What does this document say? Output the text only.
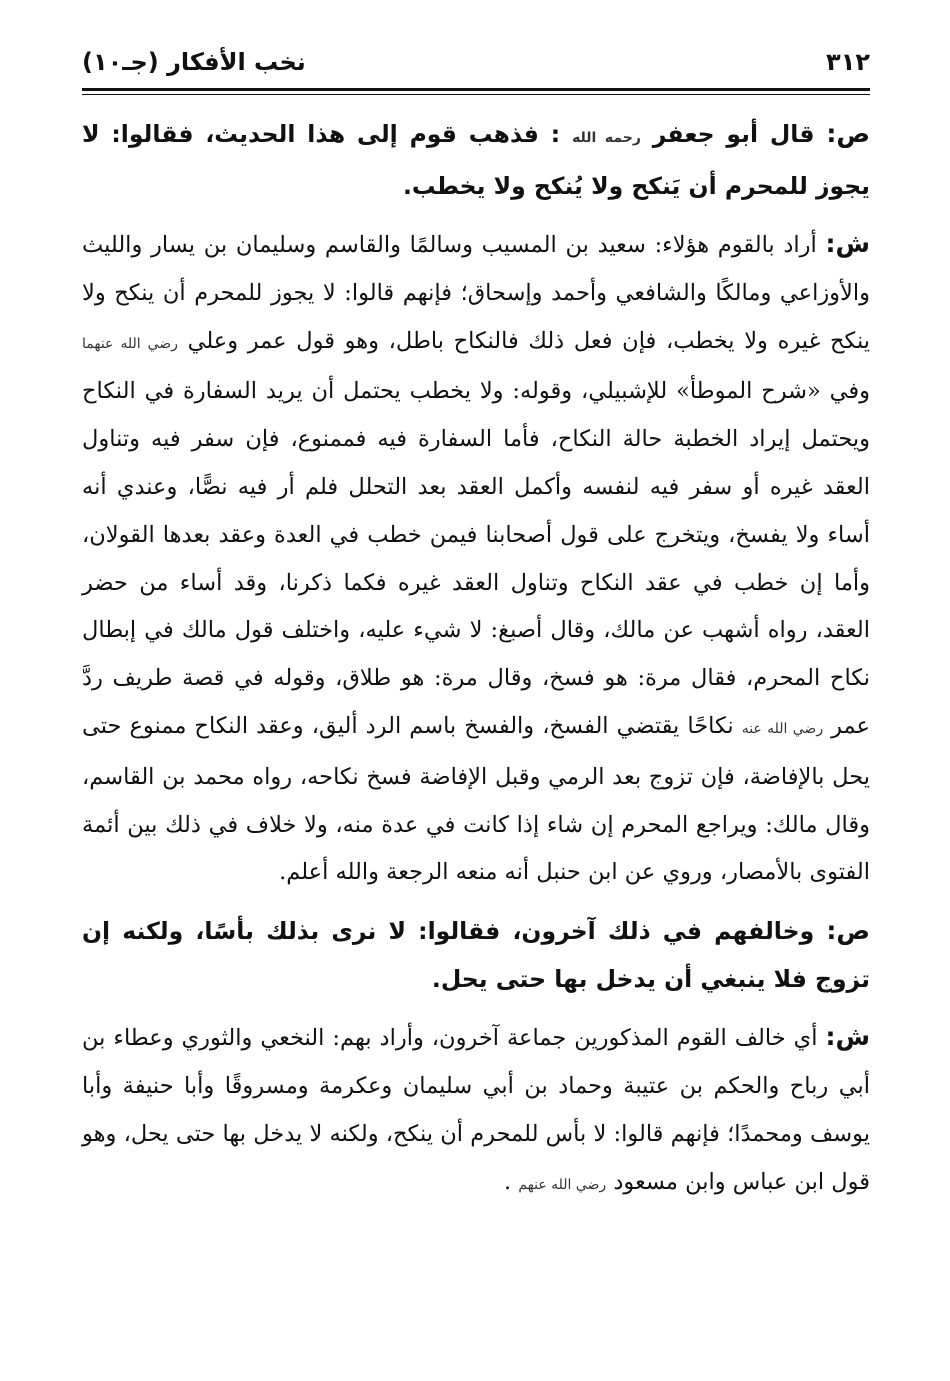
٣١٢
نخب الأفكار (جـ١٠)

ص: قال أبو جعفر رحمه الله : فذهب قوم إلى هذا الحديث، فقالوا: لا يجوز للمحرم أن يَنكح ولا يُنكح ولا يخطب.

ش: أراد بالقوم هؤلاء: سعيد بن المسيب وسالمًا والقاسم وسليمان بن يسار والليث والأوزاعي ومالكًا والشافعي وأحمد وإسحاق؛ فإنهم قالوا: لا يجوز للمحرم أن ينكح ولا ينكح غيره ولا يخطب، فإن فعل ذلك فالنكاح باطل، وهو قول عمر وعلي رضي الله عنهما وفي «شرح الموطأ» للإشبيلي، وقوله: ولا يخطب يحتمل أن يريد السفارة في النكاح ويحتمل إيراد الخطبة حالة النكاح، فأما السفارة فيه فممنوع، فإن سفر فيه وتناول العقد غيره أو سفر فيه لنفسه وأكمل العقد بعد التحلل فلم أر فيه نصًّا، وعندي أنه أساء ولا يفسخ، ويتخرج على قول أصحابنا فيمن خطب في العدة وعقد بعدها القولان، وأما إن خطب في عقد النكاح وتناول العقد غيره فكما ذكرنا، وقد أساء من حضر العقد، رواه أشهب عن مالك، وقال أصبغ: لا شيء عليه، واختلف قول مالك في إبطال نكاح المحرم، فقال مرة: هو فسخ، وقال مرة: هو طلاق، وقوله في قصة طريف ردَّ عمر رضي الله عنه نكاحًا يقتضي الفسخ، والفسخ باسم الرد أليق، وعقد النكاح ممنوع حتى يحل بالإفاضة، فإن تزوج بعد الرمي وقبل الإفاضة فسخ نكاحه، رواه محمد بن القاسم، وقال مالك: ويراجع المحرم إن شاء إذا كانت في عدة منه، ولا خلاف في ذلك بين أئمة الفتوى بالأمصار، وروي عن ابن حنبل أنه منعه الرجعة والله أعلم.

ص: وخالفهم في ذلك آخرون، فقالوا: لا نرى بذلك بأسًا، ولكنه إن تزوج فلا ينبغي أن يدخل بها حتى يحل.

ش: أي خالف القوم المذكورين جماعة آخرون، وأراد بهم: النخعي والثوري وعطاء بن أبي رباح والحكم بن عتيبة وحماد بن أبي سليمان وعكرمة ومسروقًا وأبا حنيفة وأبا يوسف ومحمدًا؛ فإنهم قالوا: لا بأس للمحرم أن ينكح، ولكنه لا يدخل بها حتى يحل، وهو قول ابن عباس وابن مسعود رضي الله عنهم .
